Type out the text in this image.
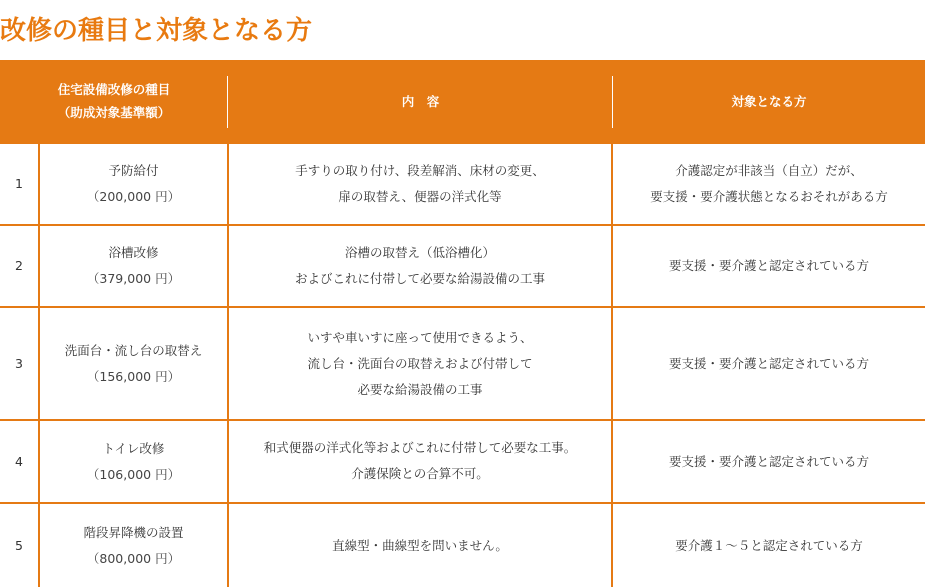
改修の種目と対象となる方
住宅設備改修の種目
（助成対象基準額）
内　容	対象となる方
1
予防給付
（200,000 円）
手すりの取り付け、段差解消、床材の変更、
扉の取替え、便器の洋式化等
介護認定が非該当（自立）だが、
要支援・要介護状態となるおそれがある方
2
浴槽改修
（379,000 円）
浴槽の取替え（低浴槽化）
およびこれに付帯して必要な給湯設備の工事
要支援・要介護と認定されている方
3
洗面台・流し台の取替え
（156,000 円）
いすや車いすに座って使用できるよう、
流し台・洗面台の取替えおよび付帯して
必要な給湯設備の工事
要支援・要介護と認定されている方
4
トイレ改修
（106,000 円）
和式便器の洋式化等およびこれに付帯して必要な工事。
介護保険との合算不可。
要支援・要介護と認定されている方
5
階段昇降機の設置
（800,000 円）
直線型・曲線型を問いません。	要介護１～５と認定されている方
